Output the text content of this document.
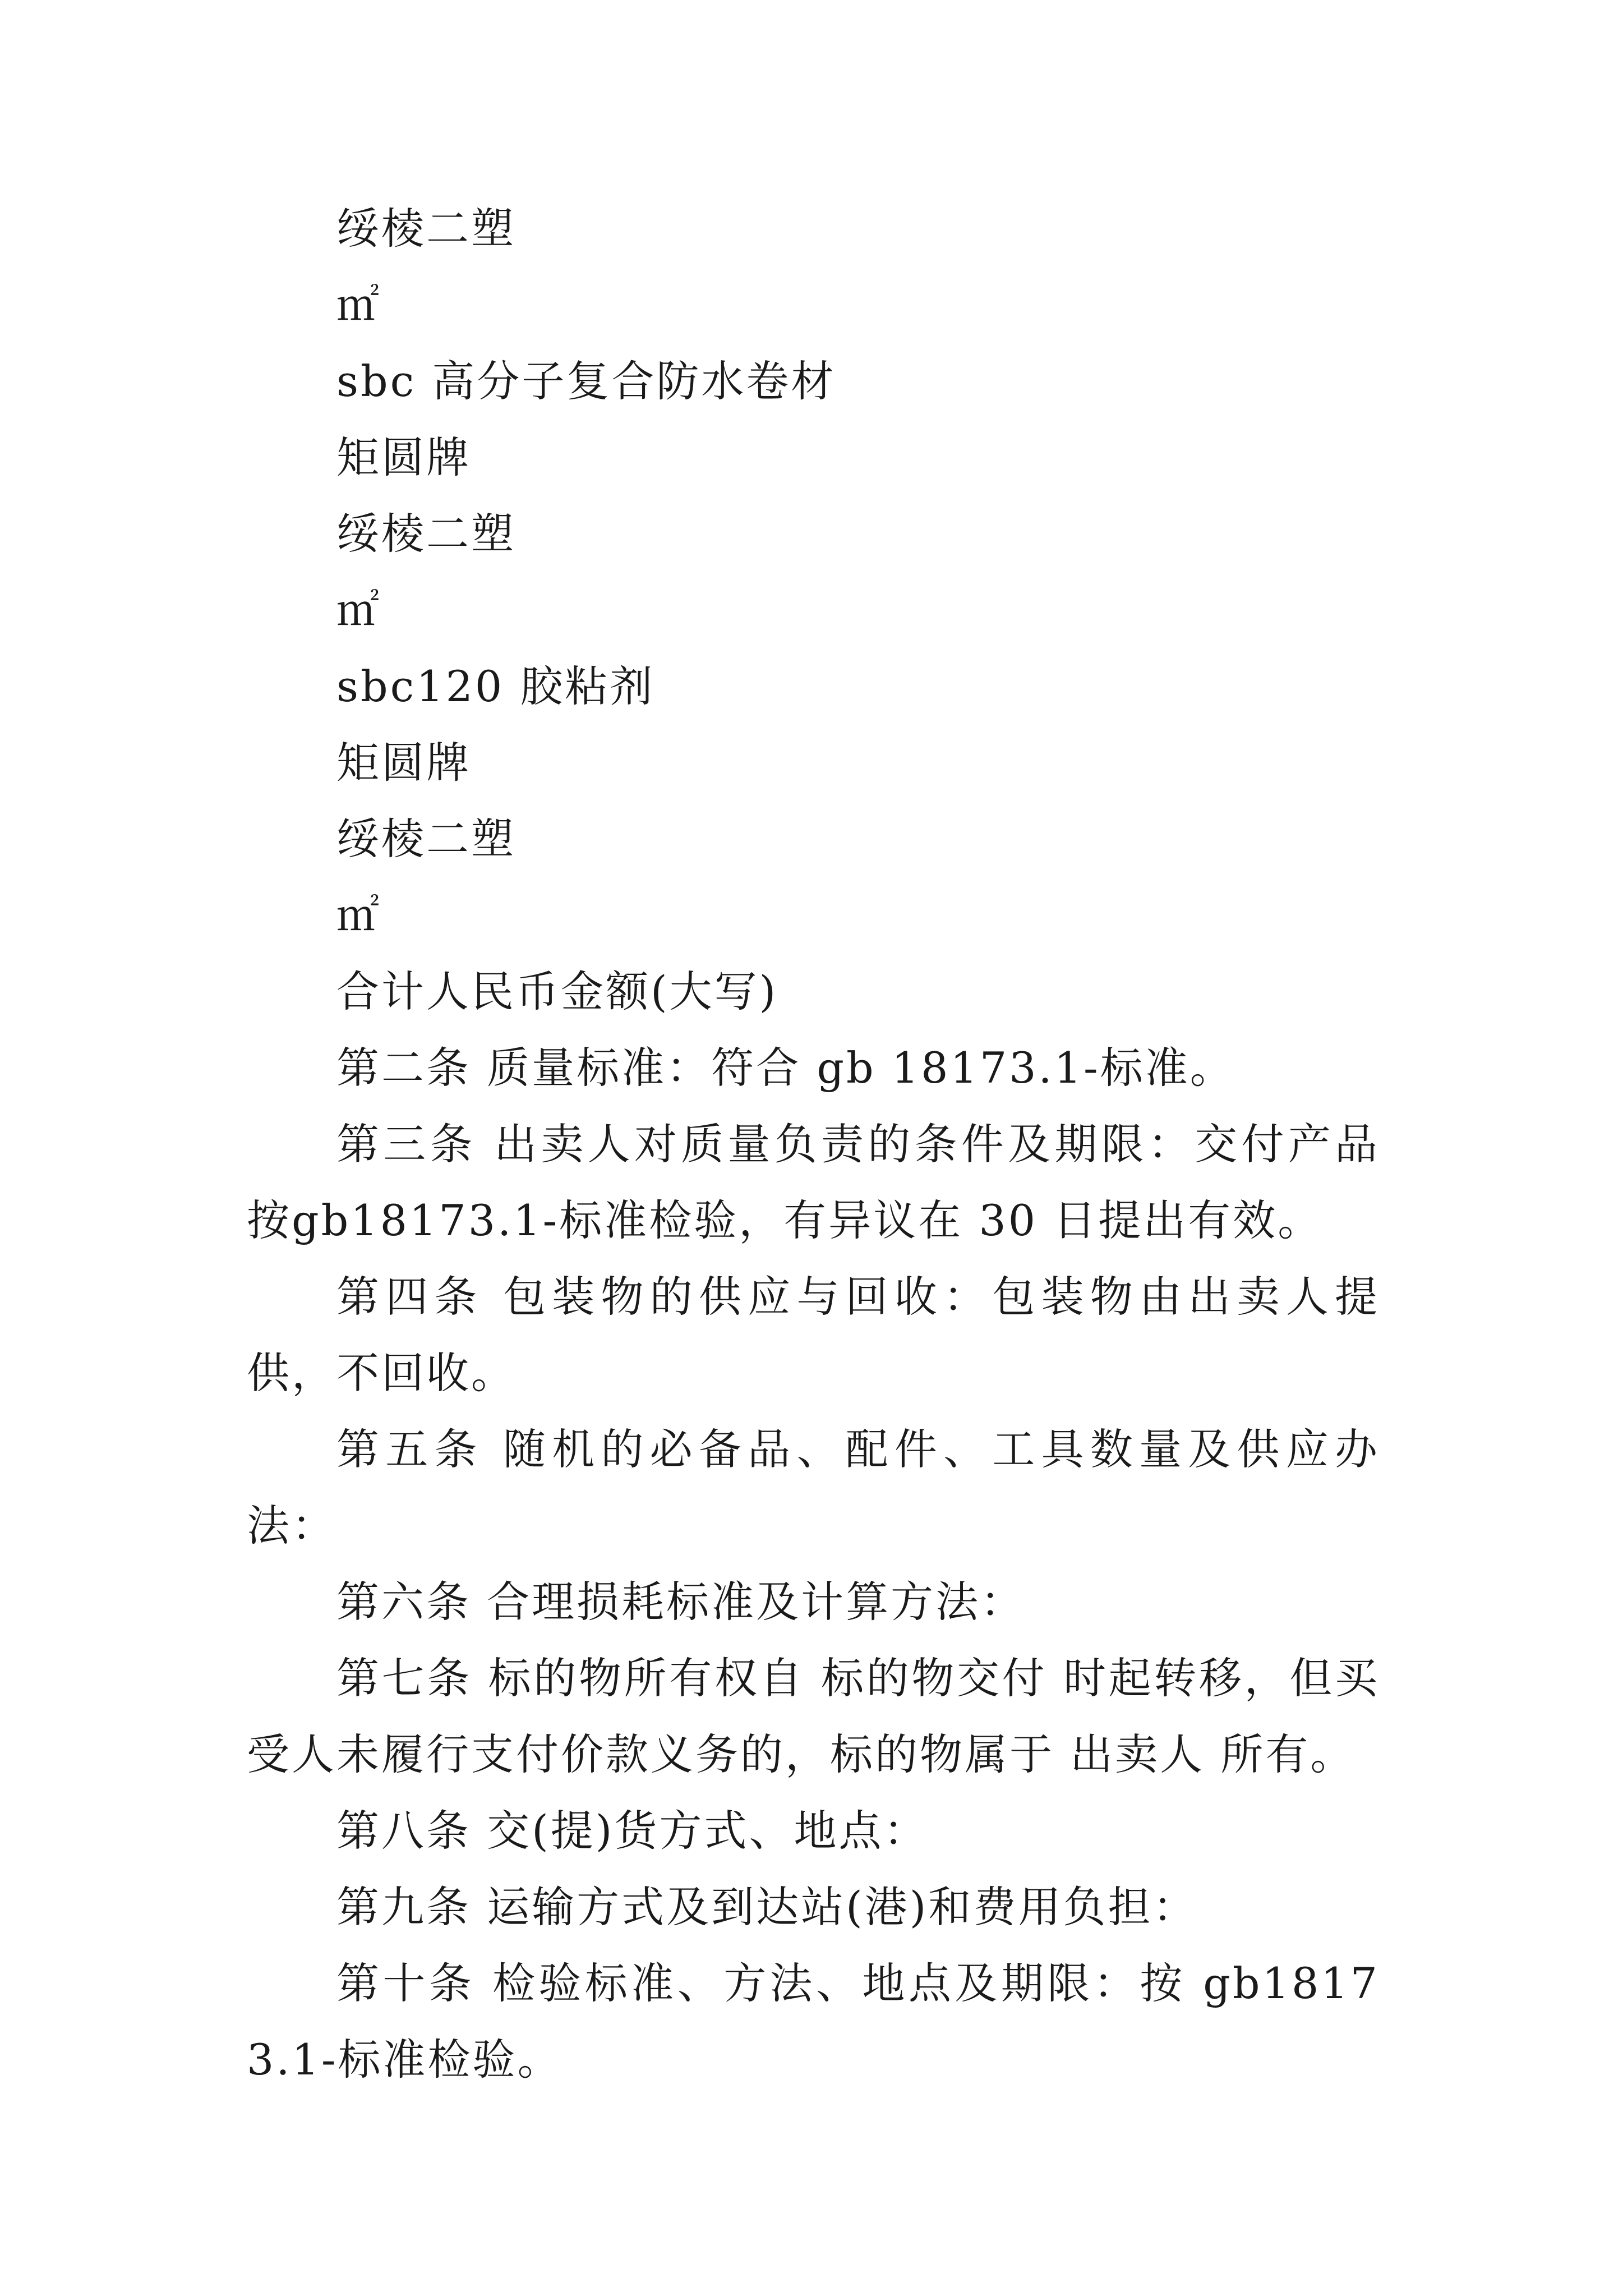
绥棱二塑

㎡

sbc 高分子复合防水卷材

矩圆牌

绥棱二塑

㎡

sbc120 胶粘剂

矩圆牌

绥棱二塑

㎡

合计人民币金额(大写)

第二条 质量标准：符合 gb 18173.1-标准。

第三条 出卖人对质量负责的条件及期限：交付产品按gb18173.1-标准检验，有异议在 30 日提出有效。

第四条 包装物的供应与回收：包装物由出卖人提供，不回收。

第五条 随机的必备品、配件、工具数量及供应办法：

第六条 合理损耗标准及计算方法：

第七条 标的物所有权自 标的物交付 时起转移，但买受人未履行支付价款义务的，标的物属于 出卖人 所有。

第八条 交(提)货方式、地点：

第九条 运输方式及到达站(港)和费用负担：

第十条 检验标准、方法、地点及期限：按 gb18173.1-标准检验。
